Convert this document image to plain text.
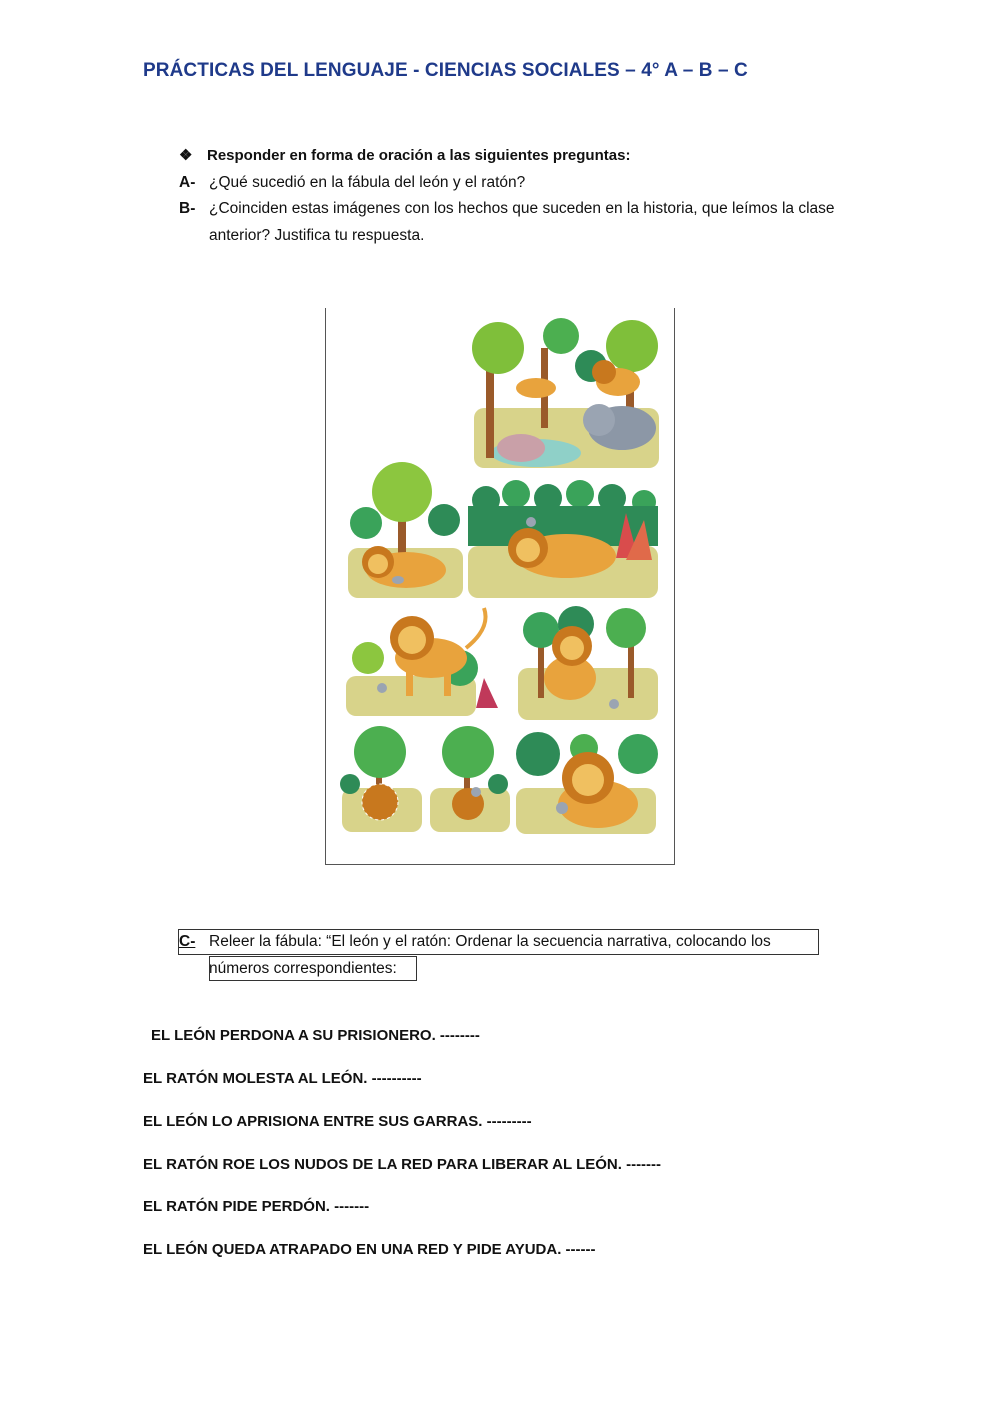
PRÁCTICAS DEL LENGUAJE - CIENCIAS SOCIALES – 4° A – B – C
❖ Responder en forma de oración a las siguientes preguntas:
A- ¿Qué sucedió en la fábula del león y el ratón?
B- ¿Coinciden estas imágenes con los hechos que suceden en la historia, que leímos la clase anterior? Justifica tu respuesta.
C- Releer la fábula: “El león y el ratón: Ordenar la secuencia narrativa, colocando los
números correspondientes:
EL LEÓN PERDONA A SU PRISIONERO. --------
EL RATÓN MOLESTA AL LEÓN. ----------
EL LEÓN LO APRISIONA ENTRE SUS GARRAS. ---------
EL RATÓN ROE LOS NUDOS DE LA RED PARA LIBERAR AL LEÓN. -------
EL RATÓN PIDE PERDÓN. -------
EL LEÓN QUEDA ATRAPADO EN UNA RED Y PIDE AYUDA. ------
